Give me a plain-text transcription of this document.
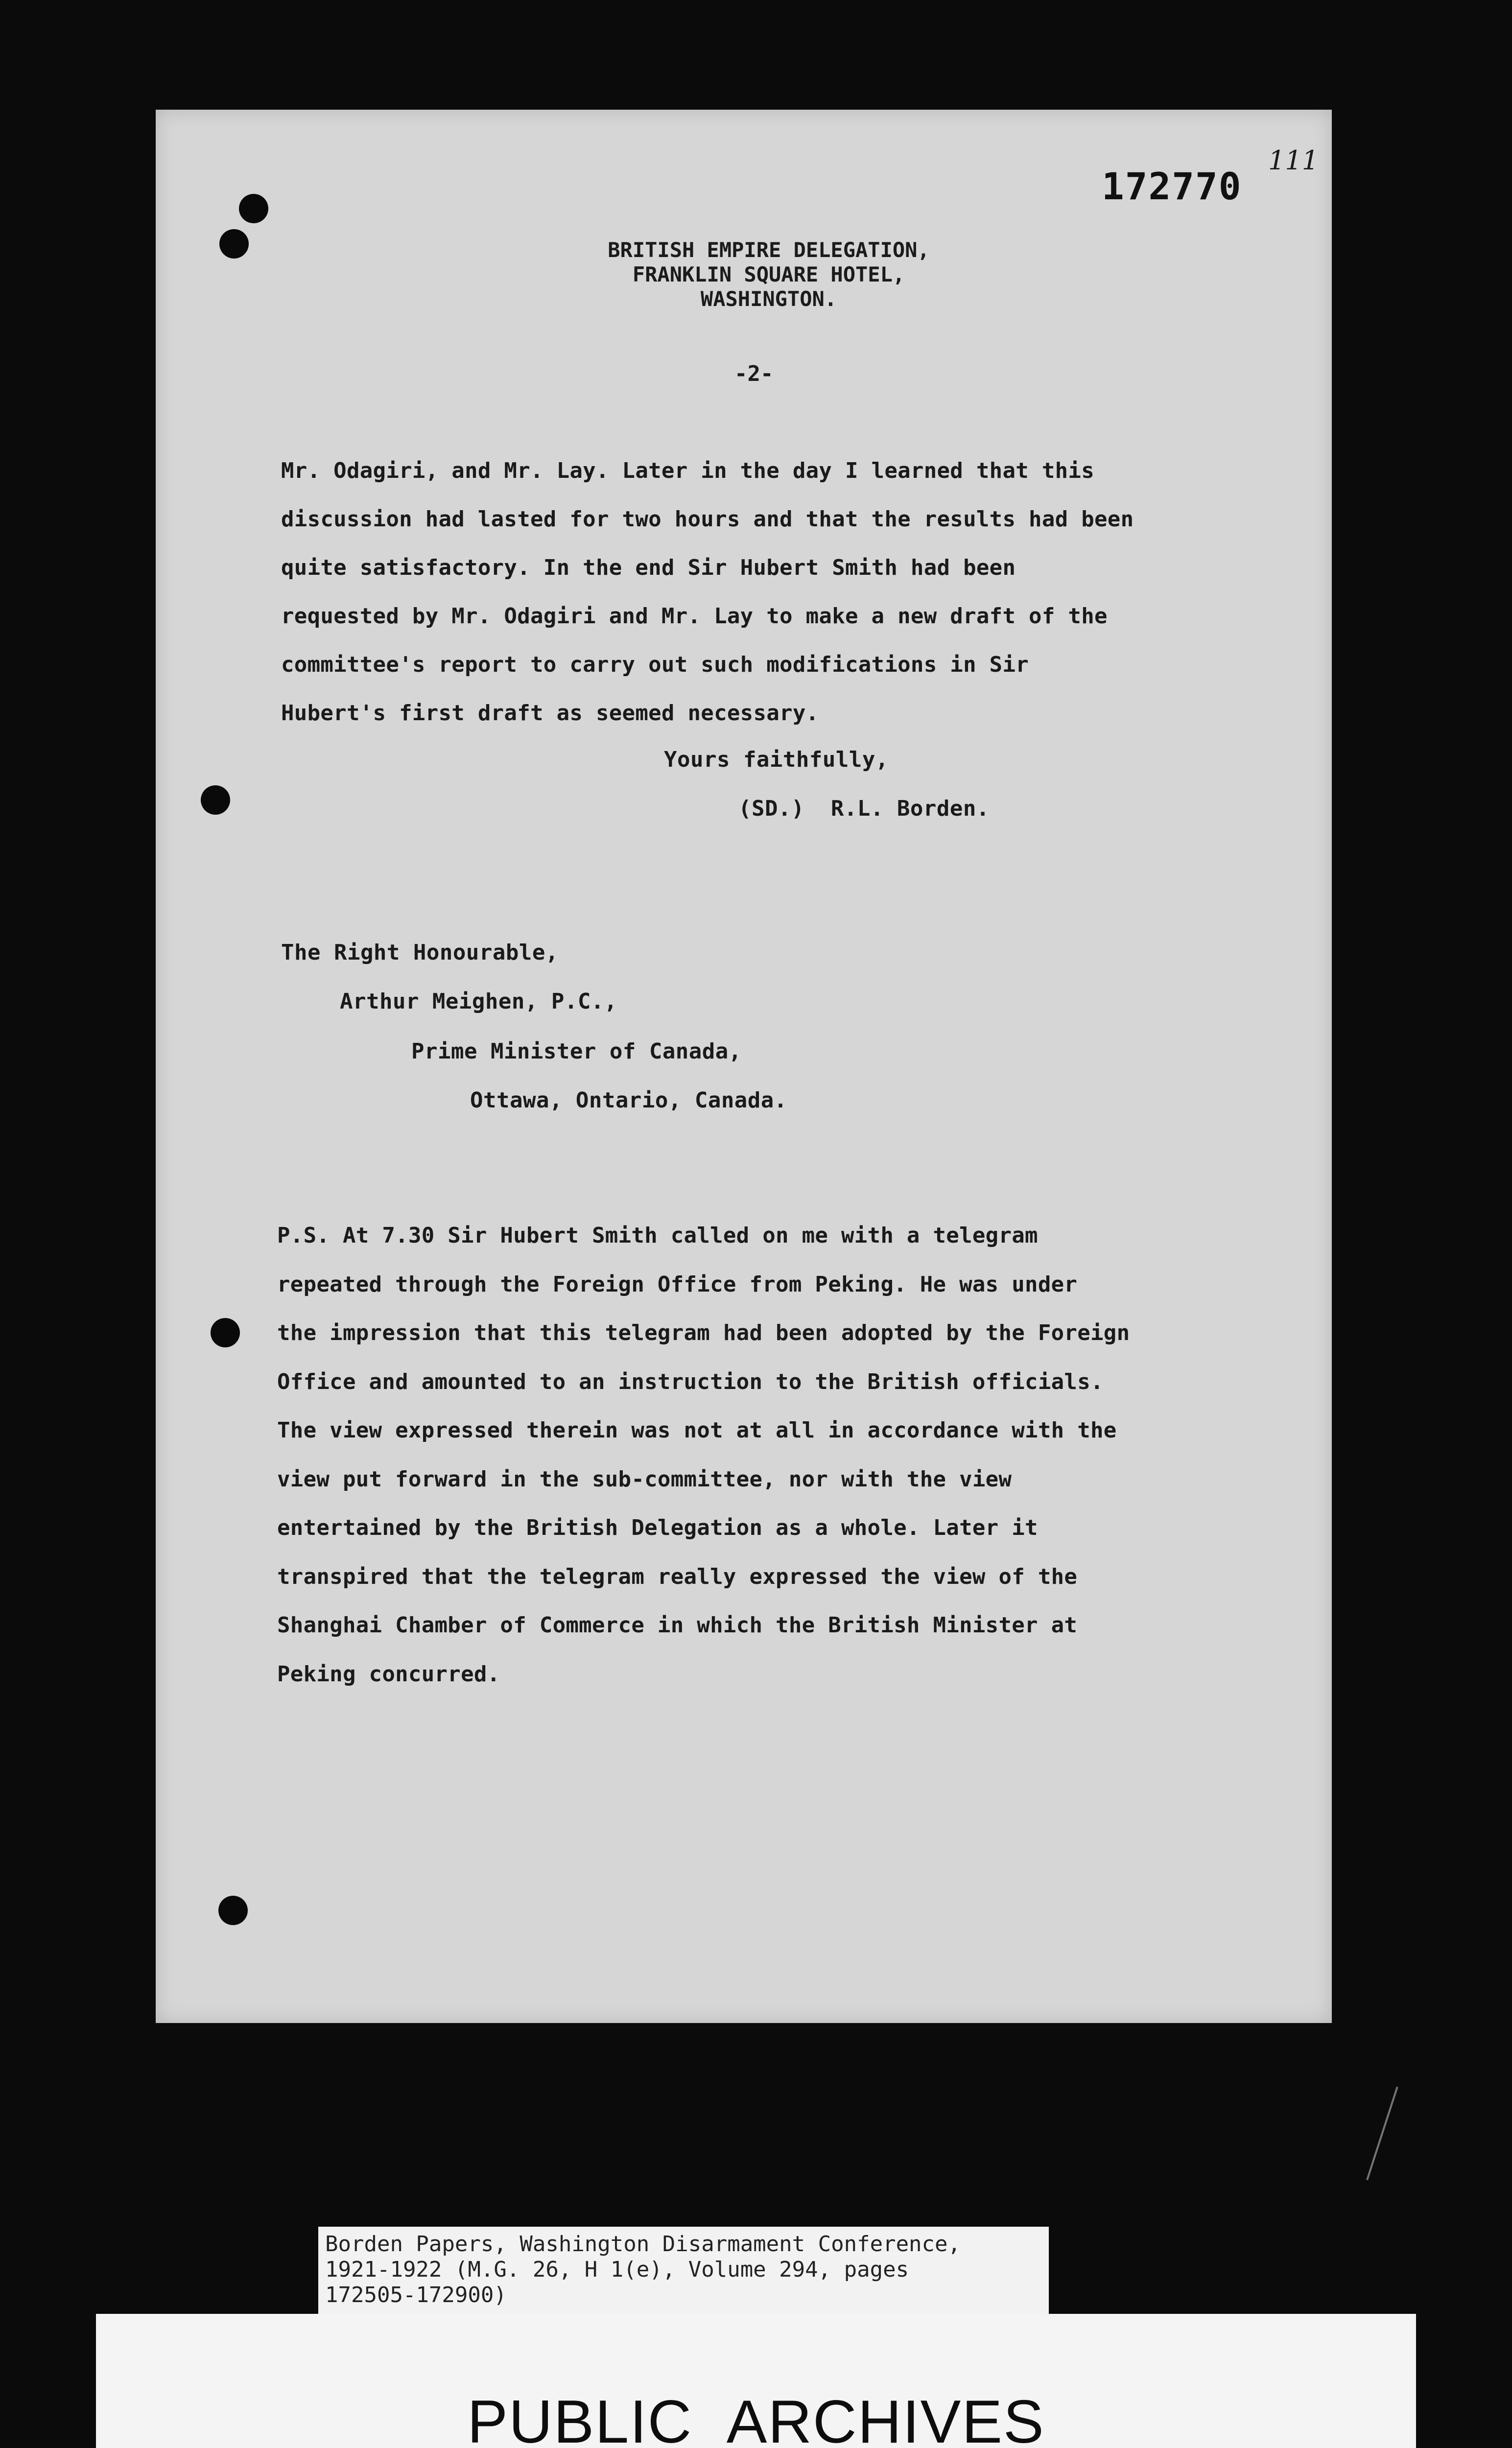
172770
111
BRITISH EMPIRE DELEGATION,
FRANKLIN SQUARE HOTEL,
WASHINGTON.
-2-
Mr. Odagiri, and Mr. Lay. Later in the day I learned that this
discussion had lasted for two hours and that the results had been
quite satisfactory. In the end Sir Hubert Smith had been
requested by Mr. Odagiri and Mr. Lay to make a new draft of the
committee's report to carry out such modifications in Sir
Hubert's first draft as seemed necessary.
Yours faithfully,
(SD.)  R.L. Borden.
The Right Honourable,
Arthur Meighen, P.C.,
Prime Minister of Canada,
Ottawa, Ontario, Canada.
P.S. At 7.30 Sir Hubert Smith called on me with a telegram
repeated through the Foreign Office from Peking. He was under
the impression that this telegram had been adopted by the Foreign
Office and amounted to an instruction to the British officials.
The view expressed therein was not at all in accordance with the
view put forward in the sub-committee, nor with the view
entertained by the British Delegation as a whole. Later it
transpired that the telegram really expressed the view of the
Shanghai Chamber of Commerce in which the British Minister at
Peking concurred.
Borden Papers, Washington Disarmament Conference,
1921-1922 (M.G. 26, H 1(e), Volume 294, pages
172505-172900)
PUBLIC ARCHIVES
